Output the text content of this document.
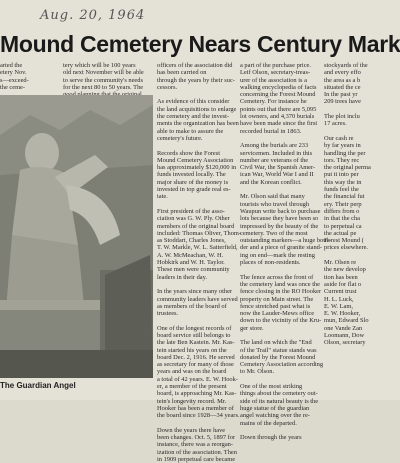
Aug. 20, 1964
Mound Cemetery Nears Century Mark
arted the
etery Nov.
s—exceed-
the ceme-
tery which will be 100 years
old next November will be able
to serve the community's needs
for the next 80 to 50 years. The
officers of the association did
has been carried on
through the years by their suc-
cessors.

As evidence of this consider
the land acquisitions to enlarge
the cemetery and the invest-
ments the organization has been
able to make to assure the
cemetery's future.

Records show the Forest
Mound Cemetery Association
has approximately $120,000 in
funds invested locally. The
major share of the money is
invested in top grade real es-
tate.

First president of the asso-
ciation was G. W. Ply. Other
members of the original board
included: Thomas Oliver, Thom-
as Stoddart, Charles Jones,
T. W. Markle, W. L. Satterfield,
A. W. McMeachan, W. H.
Hobkirk and W. H. Taylor.
These men were community
leaders in their day.

In the years since many other
community leaders have served
as members of the board of
trustees.

One of the longest records of
board service still belongs to
the late Ben Kastein. Mr. Kas-
tein started his years on the
board Dec. 2, 1916. He served
as secretary for many of those
years and was on the board
a total of 42 years. E. W. Hook-
er, a member of the present
board, is approaching Mr. Kas-
tein's longevity record. Mr.
Hooker has been a member of
the board since 1928—34 years.

Down the years there have
been changes. Oct. 5, 1897 for
instance, there was a reorgan-
ization of the association. Then
in 1909 perpetual care became
a part of the purchase price.
Leif Olson, secretary-treas-
urer of the association is a
walking encyclopedia of facts
concerning the Forest Mound
Cemetery. For instance he
points out that there are 5,095
lot owners, and 4,370 burials
have been made since the first
recorded burial in 1863.

Among the burials are 233
servicemen. Included in this
number are veterans of the
Civil War, the Spanish Amer-
ican War, World War I and II
and the Korean conflict.

Mr. Olson said that many
tourists who travel through
Waupun write back to purchase
lots because they have been so
impressed by the beauty of the
cemetery. Two of the most
outstanding markers—a huge boul-
der and a piece of granite stand-
ing on end—mark the resting
places of non-residents.

The fence across the front of
the cemetery land was once the
fence closing in the RO Hooker
property on Main street. The
fence stretched past what is
now the Lauder-Mews office
down to the vicinity of the Kru-
ger store.

The land on which the "End
of the Trail" statue stands was
donated by the Forest Mound
Cemetery Association according
to Mr. Olson.

One of the most striking
things about the cemetery out-
side of its natural beauty is the
huge statue of the guardian
angel watching over the re-
mains of the departed.

Down through the years
stockyards of the
and every effo
the area as a b
situated the ce
In the past yr
209 trees have

The plot inclu
17 acres.

Our cash re
by far years in
handling the per
tors. They rec
the original perma
put it into per
this way the in
funds feel the
the financial fut
ery. Their perp
differs from o
in that the cha
to perpetual ca
the actual pe
Forest Mound (
prices elsewhere.

Mr. Olsen re
the new develop
tion has been
aside for flat o
Current trust
H. L. Luck,
E. W. Lam,
E. W. Hooker,
mun, Edward Slo
one Vande Zan
Loomann, Dow
Olson, secretary
The Guardian Angel
